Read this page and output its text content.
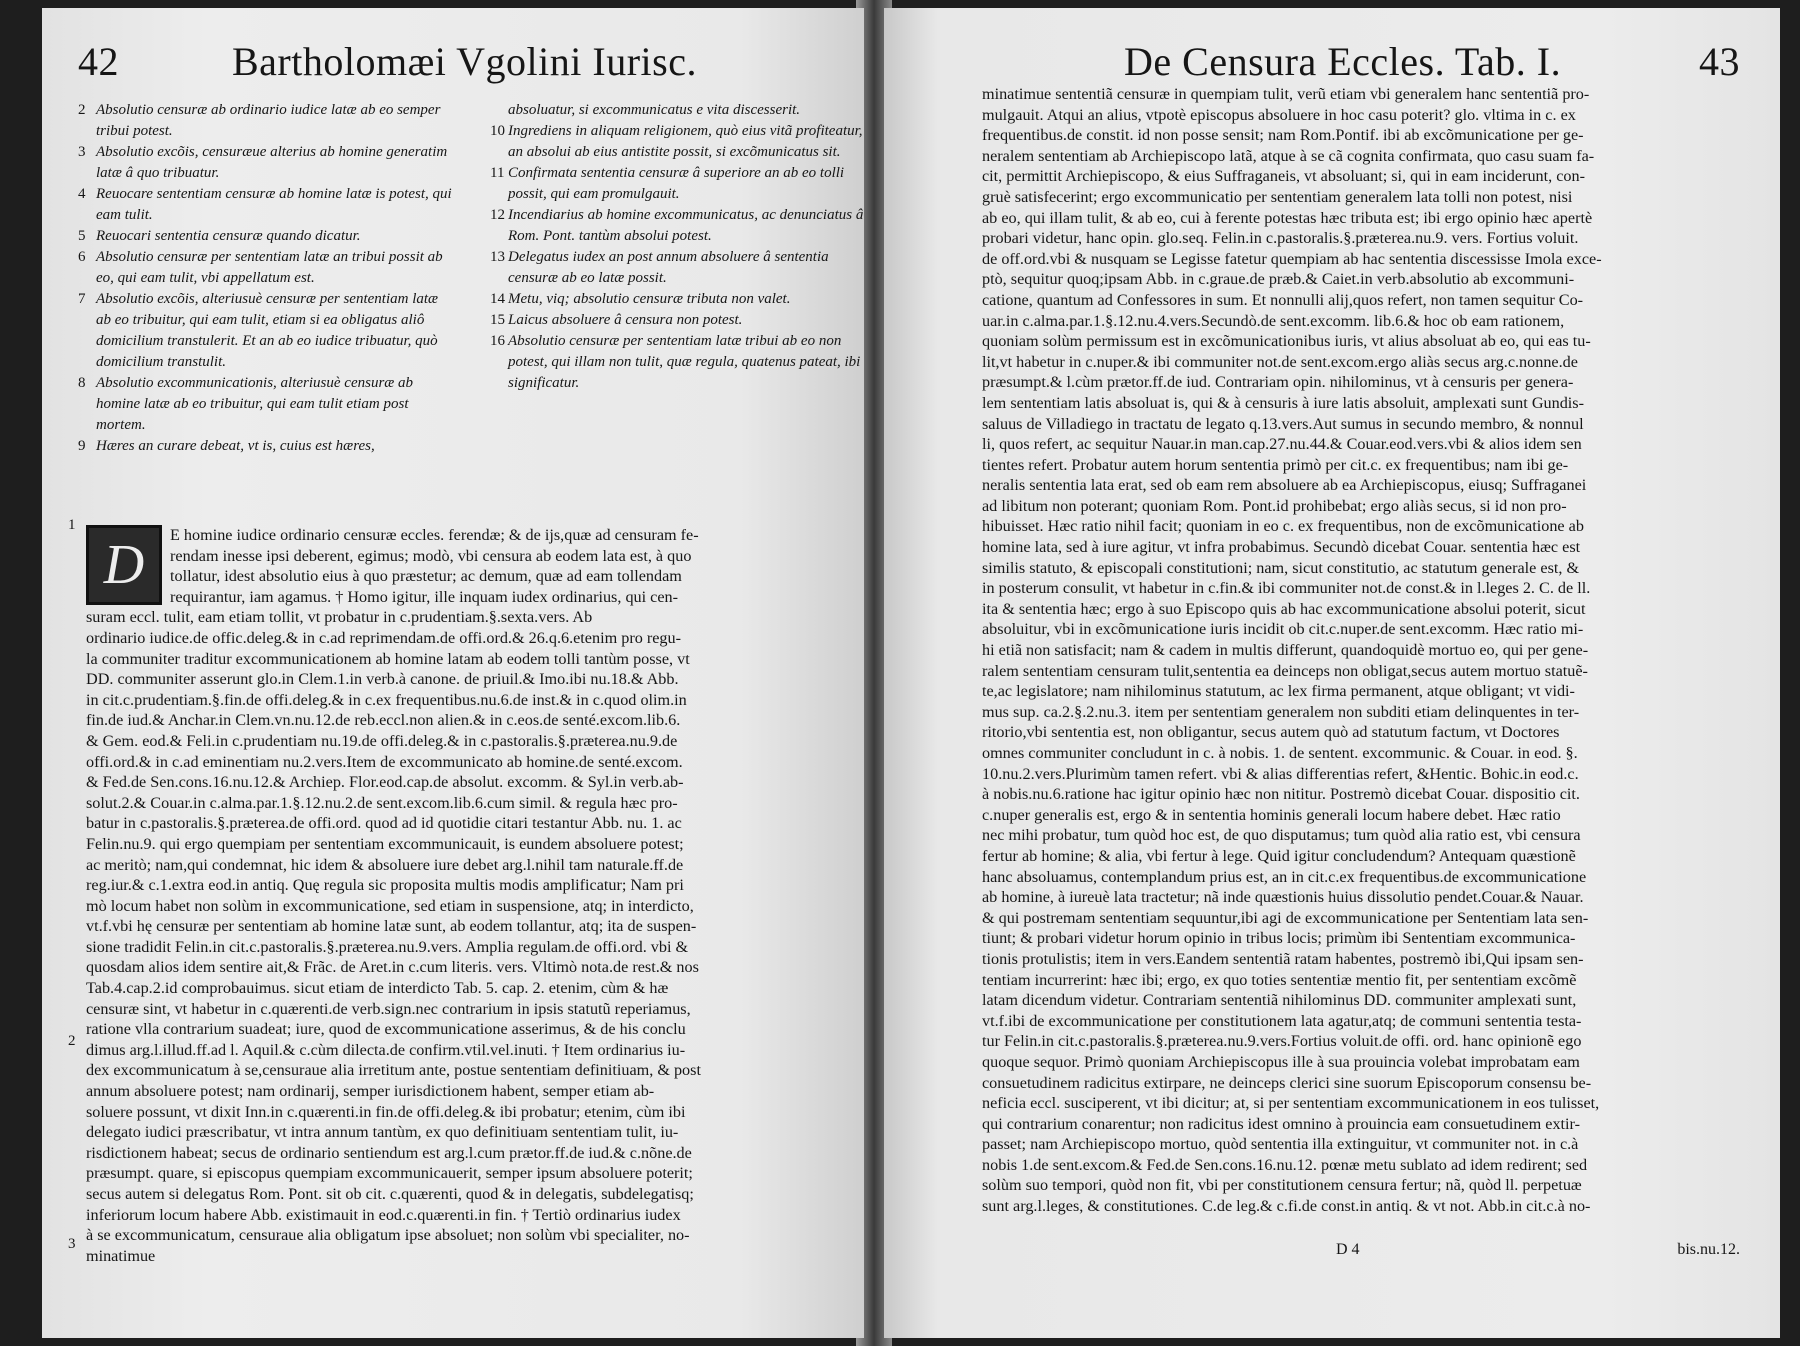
42	Bartholomæi Vgolini Iurisc.
2 Absolutio censuræ ab ordinario iudice latæ ab eo semper tribui potest.
3 Absolutio excõis, censuræue alterius ab homine generatim latæ â quo tribuatur.
4 Reuocare sententiam censuræ ab homine latæ is potest, qui eam tulit.
5 Reuocari sententia censuræ quando dicatur.
6 Absolutio censuræ per sententiam latæ an tribui possit ab eo, qui eam tulit, vbi appellatum est.
7 Absolutio excõis, alteriusuè censuræ per sententiam latæ ab eo tribuitur, qui eam tulit, etiam si ea obligatus aliô domicilium transtulerit. Et an ab eo iudice tribuatur, quò domicilium transtulit.
8 Absolutio excommunicationis, alteriusuè censuræ ab homine latæ ab eo tribuitur, qui eam tulit etiam post mortem.
9 Hæres an curare debeat, vt is, cuius est hæres,
absoluatur, si excommunicatus e vita discesserit.
10 Ingrediens in aliquam religionem, quò eius vitã profiteatur, an absolui ab eius antistite possit, si excõmunicatus sit.
11 Confirmata sententia censuræ â superiore an ab eo tolli possit, qui eam promulgauit.
12 Incendiarius ab homine excommunicatus, ac denunciatus â Rom. Pont. tantùm absolui potest.
13 Delegatus iudex an post annum absoluere â sententia censuræ ab eo latæ possit.
14 Metu, viq; absolutio censuræ tributa non valet.
15 Laicus absoluere â censura non potest.
16 Absolutio censuræ per sententiam latæ tribui ab eo non potest, qui illam non tulit, quæ regula, quatenus pateat, ibi significatur.
1
2
3
D	E homine iudice ordinario censuræ eccles. ferendæ; & de ijs,quæ ad censuram fe-
rendam inesse ipsi deberent, egimus; modò, vbi censura ab eodem lata est, à quo
tollatur, idest absolutio eius à quo præstetur; ac demum, quæ ad eam tollendam
requirantur, iam agamus. † Homo igitur, ille inquam iudex ordinarius, qui cen-
suram eccl. tulit, eam etiam tollit, vt probatur in c.prudentiam.§.sexta.vers. Ab
ordinario iudice.de offic.deleg.& in c.ad reprimendam.de offi.ord.& 26.q.6.etenim pro regu-
la communiter traditur excommunicationem ab homine latam ab eodem tolli tantùm posse, vt
DD. communiter asserunt glo.in Clem.1.in verb.à canone. de priuil.& Imo.ibi nu.18.& Abb.
in cit.c.prudentiam.§.fin.de offi.deleg.& in c.ex frequentibus.nu.6.de inst.& in c.quod olim.in
fin.de iud.& Anchar.in Clem.vn.nu.12.de reb.eccl.non alien.& in c.eos.de senté.excom.lib.6.
& Gem. eod.& Feli.in c.prudentiam nu.19.de offi.deleg.& in c.pastoralis.§.præterea.nu.9.de
offi.ord.& in c.ad eminentiam nu.2.vers.Item de excommunicato ab homine.de senté.excom.
& Fed.de Sen.cons.16.nu.12.& Archiep. Flor.eod.cap.de absolut. excomm. & Syl.in verb.ab-
solut.2.& Couar.in c.alma.par.1.§.12.nu.2.de sent.excom.lib.6.cum simil. & regula hæc pro-
batur in c.pastoralis.§.præterea.de offi.ord. quod ad id quotidie citari testantur Abb. nu. 1. ac
Felin.nu.9. qui ergo quempiam per sententiam excommunicauit, is eundem absoluere potest;
ac meritò; nam,qui condemnat, hic idem & absoluere iure debet arg.l.nihil tam naturale.ff.de
reg.iur.& c.1.extra eod.in antiq. Quę regula sic proposita multis modis amplificatur; Nam pri
mò locum habet non solùm in excommunicatione, sed etiam in suspensione, atq; in interdicto,
vt.f.vbi hę censuræ per sententiam ab homine latæ sunt, ab eodem tollantur, atq; ita de suspen-
sione tradidit Felin.in cit.c.pastoralis.§.præterea.nu.9.vers. Amplia regulam.de offi.ord. vbi &
quosdam alios idem sentire ait,& Frãc. de Aret.in c.cum literis. vers. Vltimò nota.de rest.& nos
Tab.4.cap.2.id comprobauimus. sicut etiam de interdicto Tab. 5. cap. 2. etenim, cùm & hæ
censuræ sint, vt habetur in c.quærenti.de verb.sign.nec contrarium in ipsis statutũ reperiamus,
ratione vlla contrarium suadeat; iure, quod de excommunicatione asserimus, & de his conclu
dimus arg.l.illud.ff.ad l. Aquil.& c.cùm dilecta.de confirm.vtil.vel.inuti. † Item ordinarius iu-
dex excommunicatum à se,censuraue alia irretitum ante, postue sententiam definitiuam, & post
annum absoluere potest; nam ordinarij, semper iurisdictionem habent, semper etiam ab-
soluere possunt, vt dixit Inn.in c.quærenti.in fin.de offi.deleg.& ibi probatur; etenim, cùm ibi
delegato iudici præscribatur, vt intra annum tantùm, ex quo definitiuam sententiam tulit, iu-
risdictionem habeat; secus de ordinario sentiendum est arg.l.cum prætor.ff.de iud.& c.nõne.de
præsumpt. quare, si episcopus quempiam excommunicauerit, semper ipsum absoluere poterit;
secus autem si delegatus Rom. Pont. sit ob cit. c.quærenti, quod & in delegatis, subdelegatisq;
inferiorum locum habere Abb. existimauit in eod.c.quærenti.in fin. † Tertiò ordinarius iudex
à se excommunicatum, censuraue alia obligatum ipse absoluet; non solùm vbi specialiter, no-
minatimue
De Censura Eccles. Tab. I.	43
minatimue sententiã censuræ in quempiam tulit, verũ etiam vbi generalem hanc sententiã pro-
mulgauit. Atqui an alius, vtpotè episcopus absoluere in hoc casu poterit? glo. vltima in c. ex
frequentibus.de constit. id non posse sensit; nam Rom.Pontif. ibi ab excõmunicatione per ge-
neralem sententiam ab Archiepiscopo latã, atque à se cã cognita confirmata, quo casu suam fa-
cit, permittit Archiepiscopo, & eius Suffraganeis, vt absoluant; si, qui in eam inciderunt, con-
gruè satisfecerint; ergo excommunicatio per sententiam generalem lata tolli non potest, nisi
ab eo, qui illam tulit, & ab eo, cui à ferente potestas hæc tributa est; ibi ergo opinio hæc apertè
probari videtur, hanc opin. glo.seq. Felin.in c.pastoralis.§.præterea.nu.9. vers. Fortius voluit.
de off.ord.vbi & nusquam se Legisse fatetur quempiam ab hac sententia discessisse Imola exce-
ptò, sequitur quoq;ipsam Abb. in c.graue.de præb.& Caiet.in verb.absolutio ab excommuni-
catione, quantum ad Confessores in sum. Et nonnulli alij,quos refert, non tamen sequitur Co-
uar.in c.alma.par.1.§.12.nu.4.vers.Secundò.de sent.excomm. lib.6.& hoc ob eam rationem,
quoniam solùm permissum est in excõmunicationibus iuris, vt alius absoluat ab eo, qui eas tu-
lit,vt habetur in c.nuper.& ibi communiter not.de sent.excom.ergo aliàs secus arg.c.nonne.de
præsumpt.& l.cùm prætor.ff.de iud. Contrariam opin. nihilominus, vt à censuris per genera-
lem sententiam latis absoluat is, qui & à censuris à iure latis absoluit, amplexati sunt Gundis-
saluus de Villadiego in tractatu de legato q.13.vers.Aut sumus in secundo membro, & nonnul
li, quos refert, ac sequitur Nauar.in man.cap.27.nu.44.& Couar.eod.vers.vbi & alios idem sen
tientes refert. Probatur autem horum sententia primò per cit.c. ex frequentibus; nam ibi ge-
neralis sententia lata erat, sed ob eam rem absoluere ab ea Archiepiscopus, eiusq; Suffraganei
ad libitum non poterant; quoniam Rom. Pont.id prohibebat; ergo aliàs secus, si id non pro-
hibuisset. Hæc ratio nihil facit; quoniam in eo c. ex frequentibus, non de excõmunicatione ab
homine lata, sed à iure agitur, vt infra probabimus. Secundò dicebat Couar. sententia hæc est
similis statuto, & episcopali constitutioni; nam, sicut constitutio, ac statutum generale est, &
in posterum consulit, vt habetur in c.fin.& ibi communiter not.de const.& in l.leges 2. C. de ll.
ita & sententia hæc; ergo à suo Episcopo quis ab hac excommunicatione absolui poterit, sicut
absoluitur, vbi in excõmunicatione iuris incidit ob cit.c.nuper.de sent.excomm. Hæc ratio mi-
hi etiã non satisfacit; nam & cadem in multis differunt, quandoquidè mortuo eo, qui per gene-
ralem sententiam censuram tulit,sententia ea deinceps non obligat,secus autem mortuo statuẽ-
te,ac legislatore; nam nihilominus statutum, ac lex firma permanent, atque obligant; vt vidi-
mus sup. ca.2.§.2.nu.3. item per sententiam generalem non subditi etiam delinquentes in ter-
ritorio,vbi sententia est, non obligantur, secus autem quò ad statutum factum, vt Doctores
omnes communiter concludunt in c. à nobis. 1. de sentent. excommunic. & Couar. in eod. §.
10.nu.2.vers.Plurimùm tamen refert. vbi & alias differentias refert, &Hentic. Bohic.in eod.c.
à nobis.nu.6.ratione hac igitur opinio hæc non nititur. Postremò dicebat Couar. dispositio cit.
c.nuper generalis est, ergo & in sententia hominis generali locum habere debet. Hæc ratio
nec mihi probatur, tum quòd hoc est, de quo disputamus; tum quòd alia ratio est, vbi censura
fertur ab homine; & alia, vbi fertur à lege. Quid igitur concludendum? Antequam quæstionẽ
hanc absoluamus, contemplandum prius est, an in cit.c.ex frequentibus.de excommunicatione
ab homine, à iureuè lata tractetur; nã inde quæstionis huius dissolutio pendet.Couar.& Nauar.
& qui postremam sententiam sequuntur,ibi agi de excommunicatione per Sententiam lata sen-
tiunt; & probari videtur horum opinio in tribus locis; primùm ibi Sententiam excommunica-
tionis protulistis; item in vers.Eandem sententiã ratam habentes, postremò ibi,Qui ipsam sen-
tentiam incurrerint: hæc ibi; ergo, ex quo toties sententiæ mentio fit, per sententiam excõmẽ
latam dicendum videtur. Contrariam sententiã nihilominus DD. communiter amplexati sunt,
vt.f.ibi de excommunicatione per constitutionem lata agatur,atq; de communi sententia testa-
tur Felin.in cit.c.pastoralis.§.præterea.nu.9.vers.Fortius voluit.de offi. ord. hanc opinionẽ ego
quoque sequor. Primò quoniam Archiepiscopus ille à sua prouincia volebat improbatam eam
consuetudinem radicitus extirpare, ne deinceps clerici sine suorum Episcoporum consensu be-
neficia eccl. susciperent, vt ibi dicitur; at, si per sententiam excommunicationem in eos tulisset,
qui contrarium conarentur; non radicitus idest omnino à prouincia eam consuetudinem extir-
passet; nam Archiepiscopo mortuo, quòd sententia illa extinguitur, vt communiter not. in c.à
nobis 1.de sent.excom.& Fed.de Sen.cons.16.nu.12. pœnæ metu sublato ad idem redirent; sed
solùm suo tempori, quòd non fit, vbi per constitutionem censura fertur; nã, quòd ll. perpetuæ
sunt arg.l.leges, & constitutiones. C.de leg.& c.fi.de const.in antiq. & vt not. Abb.in cit.c.à no-
D 4	bis.nu.12.
